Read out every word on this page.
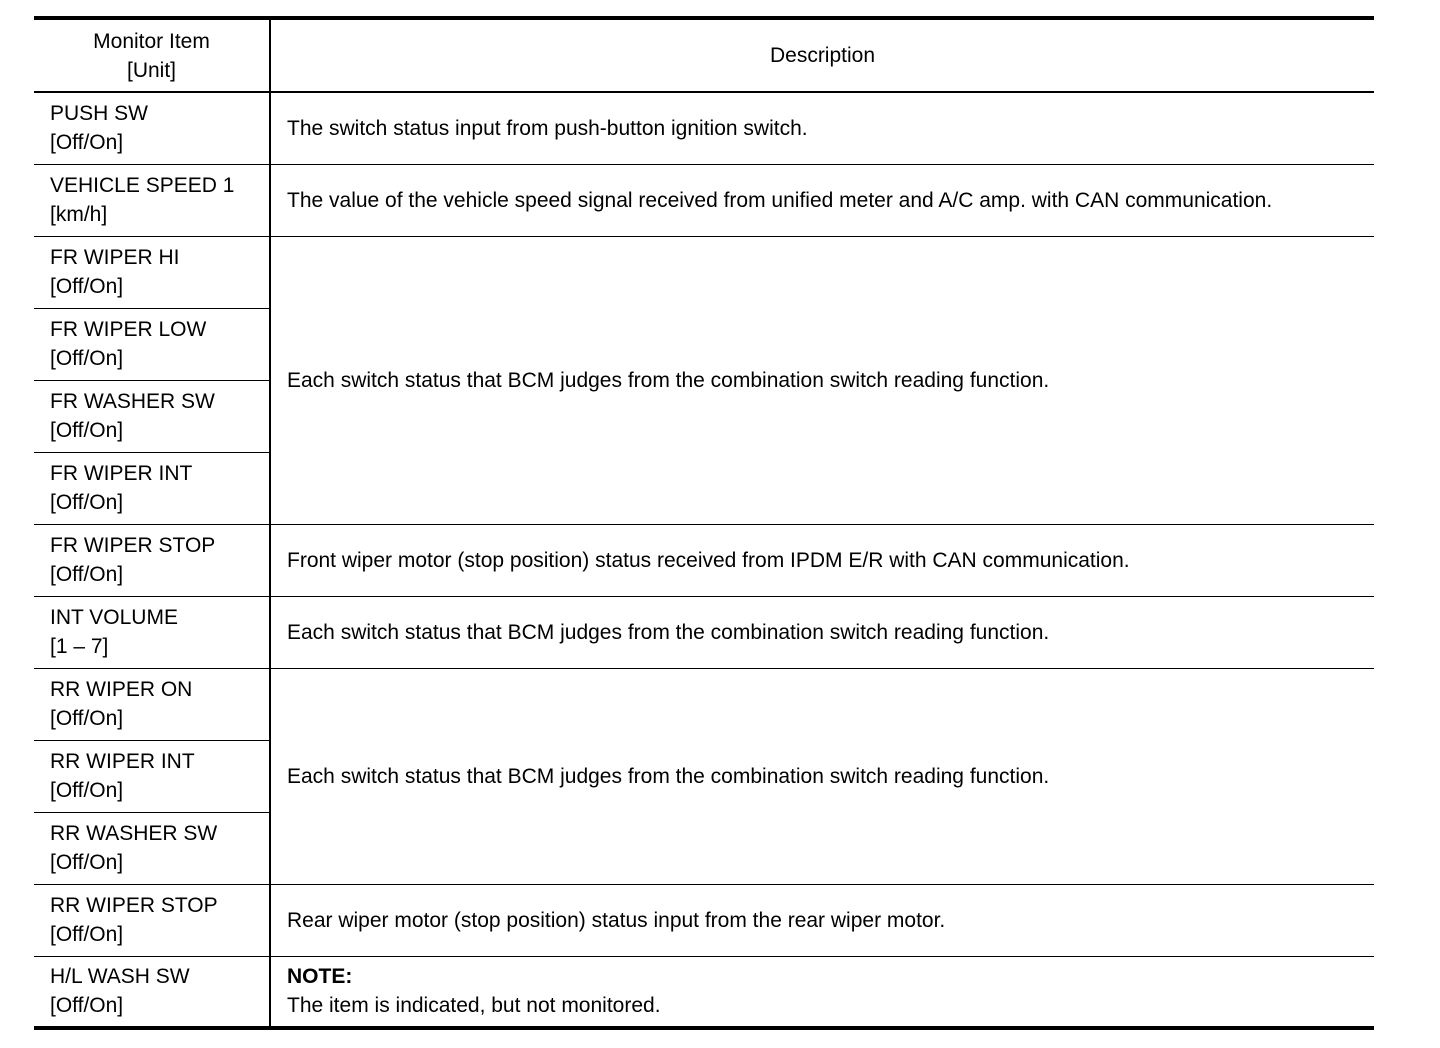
Monitor Item
[Unit]	Description

PUSH SW
[Off/On]	The switch status input from push-button ignition switch.

VEHICLE SPEED 1
[km/h]	The value of the vehicle speed signal received from unified meter and A/C amp. with CAN communication.

FR WIPER HI
[Off/On]	Each switch status that BCM judges from the combination switch reading function.

FR WIPER LOW
[Off/On]	

FR WASHER SW
[Off/On]	

FR WIPER INT
[Off/On]	

FR WIPER STOP
[Off/On]	Front wiper motor (stop position) status received from IPDM E/R with CAN communication.

INT VOLUME
[1 – 7]	Each switch status that BCM judges from the combination switch reading function.

RR WIPER ON
[Off/On]	Each switch status that BCM judges from the combination switch reading function.

RR WIPER INT
[Off/On]	

RR WASHER SW
[Off/On]	

RR WIPER STOP
[Off/On]	Rear wiper motor (stop position) status input from the rear wiper motor.

H/L WASH SW
[Off/On]	NOTE:
The item is indicated, but not monitored.
